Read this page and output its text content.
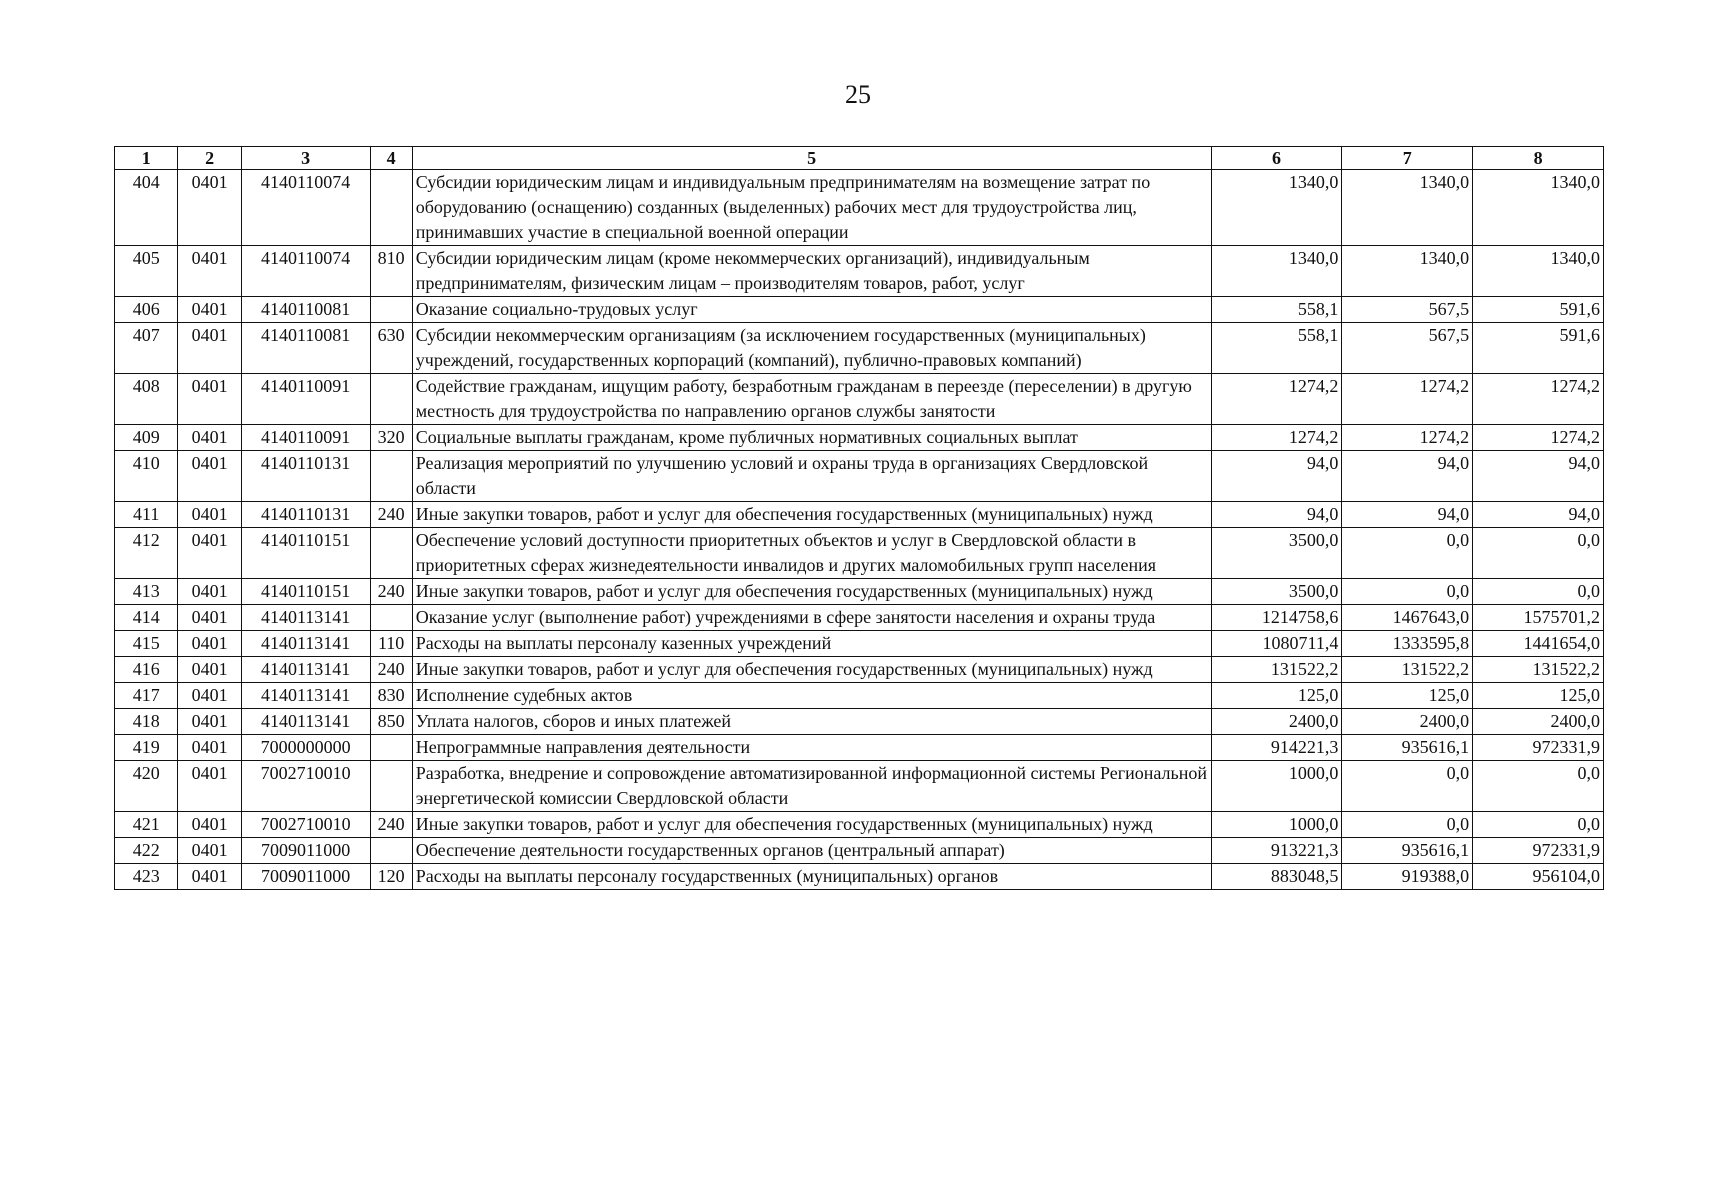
25
1	2	3	4	5	6	7	8
404	0401	4140110074		Субсидии юридическим лицам и индивидуальным предпринимателям на возмещение затрат по оборудованию (оснащению) созданных (выделенных) рабочих мест для трудоустройства лиц, принимавших участие в специальной военной операции	1340,0	1340,0	1340,0
405	0401	4140110074	810	Субсидии юридическим лицам (кроме некоммерческих организаций), индивидуальным предпринимателям, физическим лицам – производителям товаров, работ, услуг	1340,0	1340,0	1340,0
406	0401	4140110081		Оказание социально-трудовых услуг	558,1	567,5	591,6
407	0401	4140110081	630	Субсидии некоммерческим организациям (за исключением государственных (муниципальных) учреждений, государственных корпораций (компаний), публично-правовых компаний)	558,1	567,5	591,6
408	0401	4140110091		Содействие гражданам, ищущим работу, безработным гражданам в переезде (переселении) в другую местность для трудоустройства по направлению органов службы занятости	1274,2	1274,2	1274,2
409	0401	4140110091	320	Социальные выплаты гражданам, кроме публичных нормативных социальных выплат	1274,2	1274,2	1274,2
410	0401	4140110131		Реализация мероприятий по улучшению условий и охраны труда в организациях Свердловской области	94,0	94,0	94,0
411	0401	4140110131	240	Иные закупки товаров, работ и услуг для обеспечения государственных (муниципальных) нужд	94,0	94,0	94,0
412	0401	4140110151		Обеспечение условий доступности приоритетных объектов и услуг в Свердловской области в приоритетных сферах жизнедеятельности инвалидов и других маломобильных групп населения	3500,0	0,0	0,0
413	0401	4140110151	240	Иные закупки товаров, работ и услуг для обеспечения государственных (муниципальных) нужд	3500,0	0,0	0,0
414	0401	4140113141		Оказание услуг (выполнение работ) учреждениями в сфере занятости населения и охраны труда	1214758,6	1467643,0	1575701,2
415	0401	4140113141	110	Расходы на выплаты персоналу казенных учреждений	1080711,4	1333595,8	1441654,0
416	0401	4140113141	240	Иные закупки товаров, работ и услуг для обеспечения государственных (муниципальных) нужд	131522,2	131522,2	131522,2
417	0401	4140113141	830	Исполнение судебных актов	125,0	125,0	125,0
418	0401	4140113141	850	Уплата налогов, сборов и иных платежей	2400,0	2400,0	2400,0
419	0401	7000000000		Непрограммные направления деятельности	914221,3	935616,1	972331,9
420	0401	7002710010		Разработка, внедрение и сопровождение автоматизированной информационной системы Региональной энергетической комиссии Свердловской области	1000,0	0,0	0,0
421	0401	7002710010	240	Иные закупки товаров, работ и услуг для обеспечения государственных (муниципальных) нужд	1000,0	0,0	0,0
422	0401	7009011000		Обеспечение деятельности государственных органов (центральный аппарат)	913221,3	935616,1	972331,9
423	0401	7009011000	120	Расходы на выплаты персоналу государственных (муниципальных) органов	883048,5	919388,0	956104,0
